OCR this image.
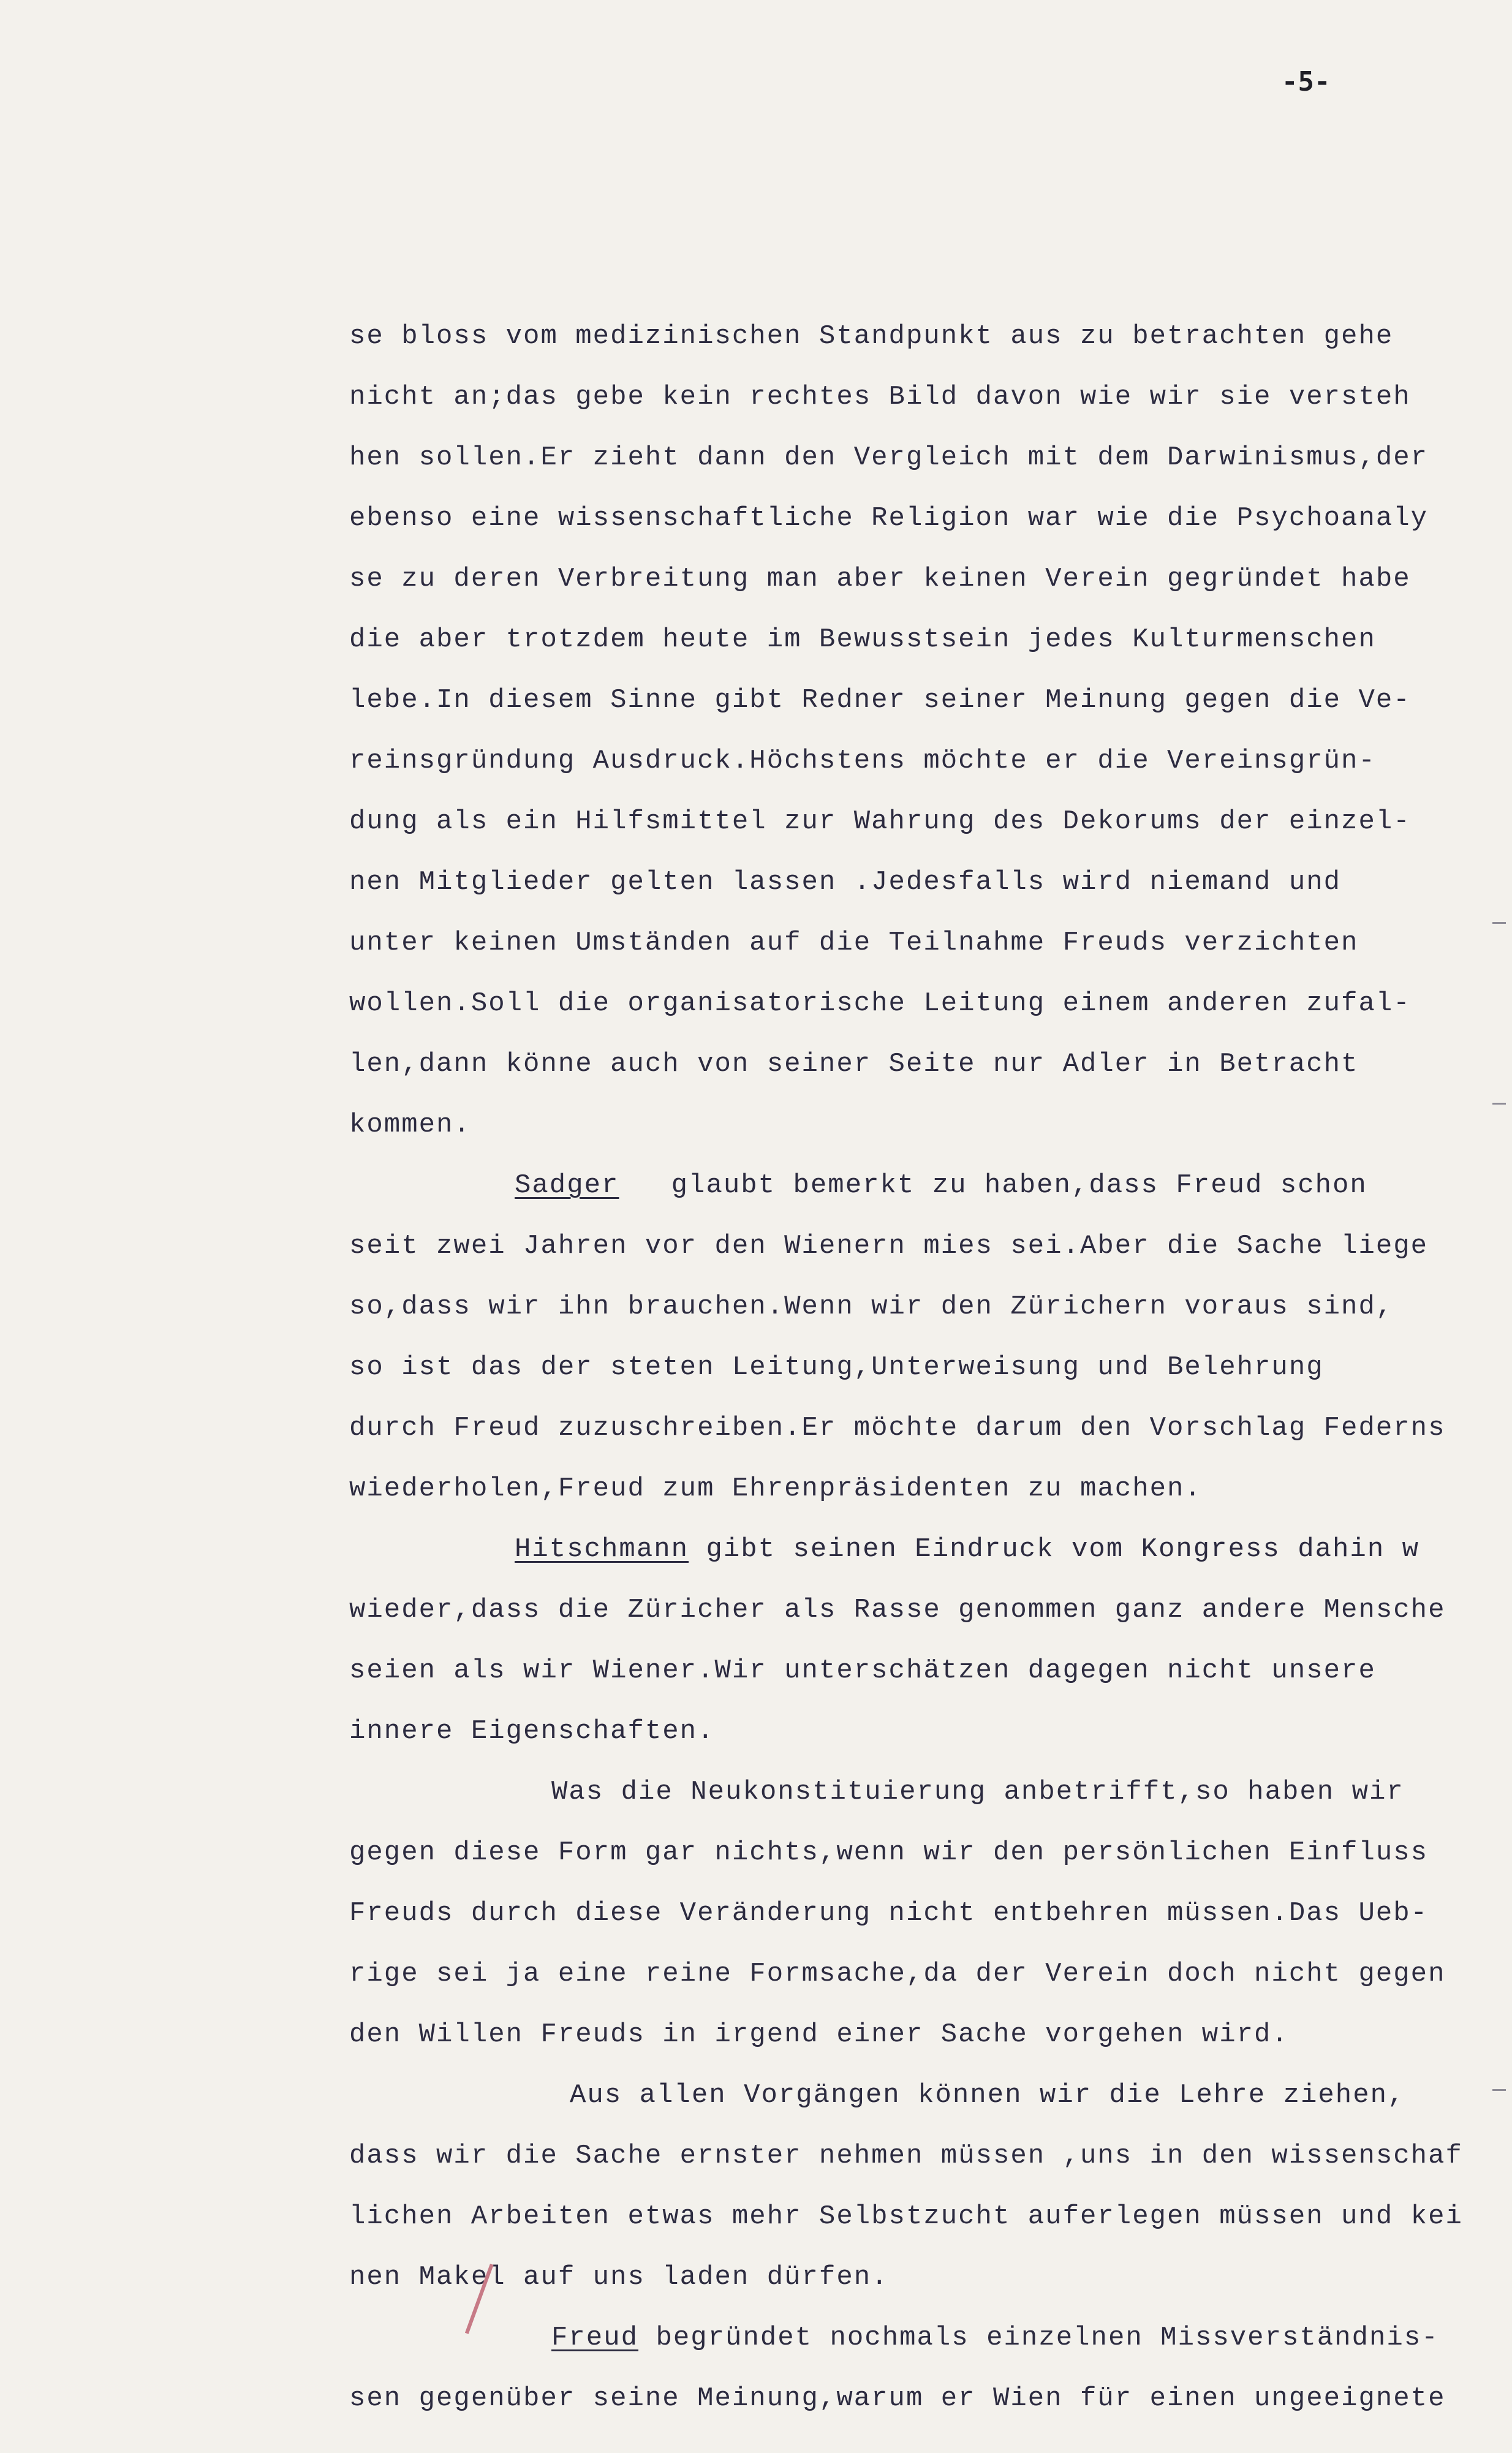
-5-
se bloss vom medizinischen Standpunkt aus zu betrachten gehe
nicht an;das gebe kein rechtes Bild davon wie wir sie versteh
hen sollen.Er zieht dann den Vergleich mit dem Darwinismus,der
ebenso eine wissenschaftliche Religion war wie die Psychoanaly
se zu deren Verbreitung man aber keinen Verein gegründet habe
die aber trotzdem heute im Bewusstsein jedes Kulturmenschen
lebe.In diesem Sinne gibt Redner seiner Meinung gegen die Ve-
reinsgründung Ausdruck.Höchstens möchte er die Vereinsgrün-
dung als ein Hilfsmittel zur Wahrung des Dekorums der einzel-
nen Mitglieder gelten lassen .Jedesfalls wird niemand und
unter keinen Umständen auf die Teilnahme Freuds verzichten
wollen.Soll die organisatorische Leitung einem anderen zufal-
len,dann könne auch von seiner Seite nur Adler in Betracht
kommen.
Sadger glaubt bemerkt zu haben,dass Freud schon
seit zwei Jahren vor den Wienern mies sei.Aber die Sache liege
so,dass wir ihn brauchen.Wenn wir den Zürichern voraus sind,
so ist das der steten Leitung,Unterweisung und Belehrung
durch Freud zuzuschreiben.Er möchte darum den Vorschlag Federns
wiederholen,Freud zum Ehrenpräsidenten zu machen.
Hitschmann gibt seinen Eindruck vom Kongress dahin w
wieder,dass die Züricher als Rasse genommen ganz andere Mensche
seien als wir Wiener.Wir unterschätzen dagegen nicht unsere
innere Eigenschaften.
Was die Neukonstituierung anbetrifft,so haben wir
gegen diese Form gar nichts,wenn wir den persönlichen Einfluss
Freuds durch diese Veränderung nicht entbehren müssen.Das Ueb-
rige sei ja eine reine Formsache,da der Verein doch nicht gegen
den Willen Freuds in irgend einer Sache vorgehen wird.
Aus allen Vorgängen können wir die Lehre ziehen,
dass wir die Sache ernster nehmen müssen ,uns in den wissenschaf
lichen Arbeiten etwas mehr Selbstzucht auferlegen müssen und kei
nen Makel auf uns laden dürfen.
Freud begründet nochmals einzelnen Missverständnis-
sen gegenüber seine Meinung,warum er Wien für einen ungeeignete
